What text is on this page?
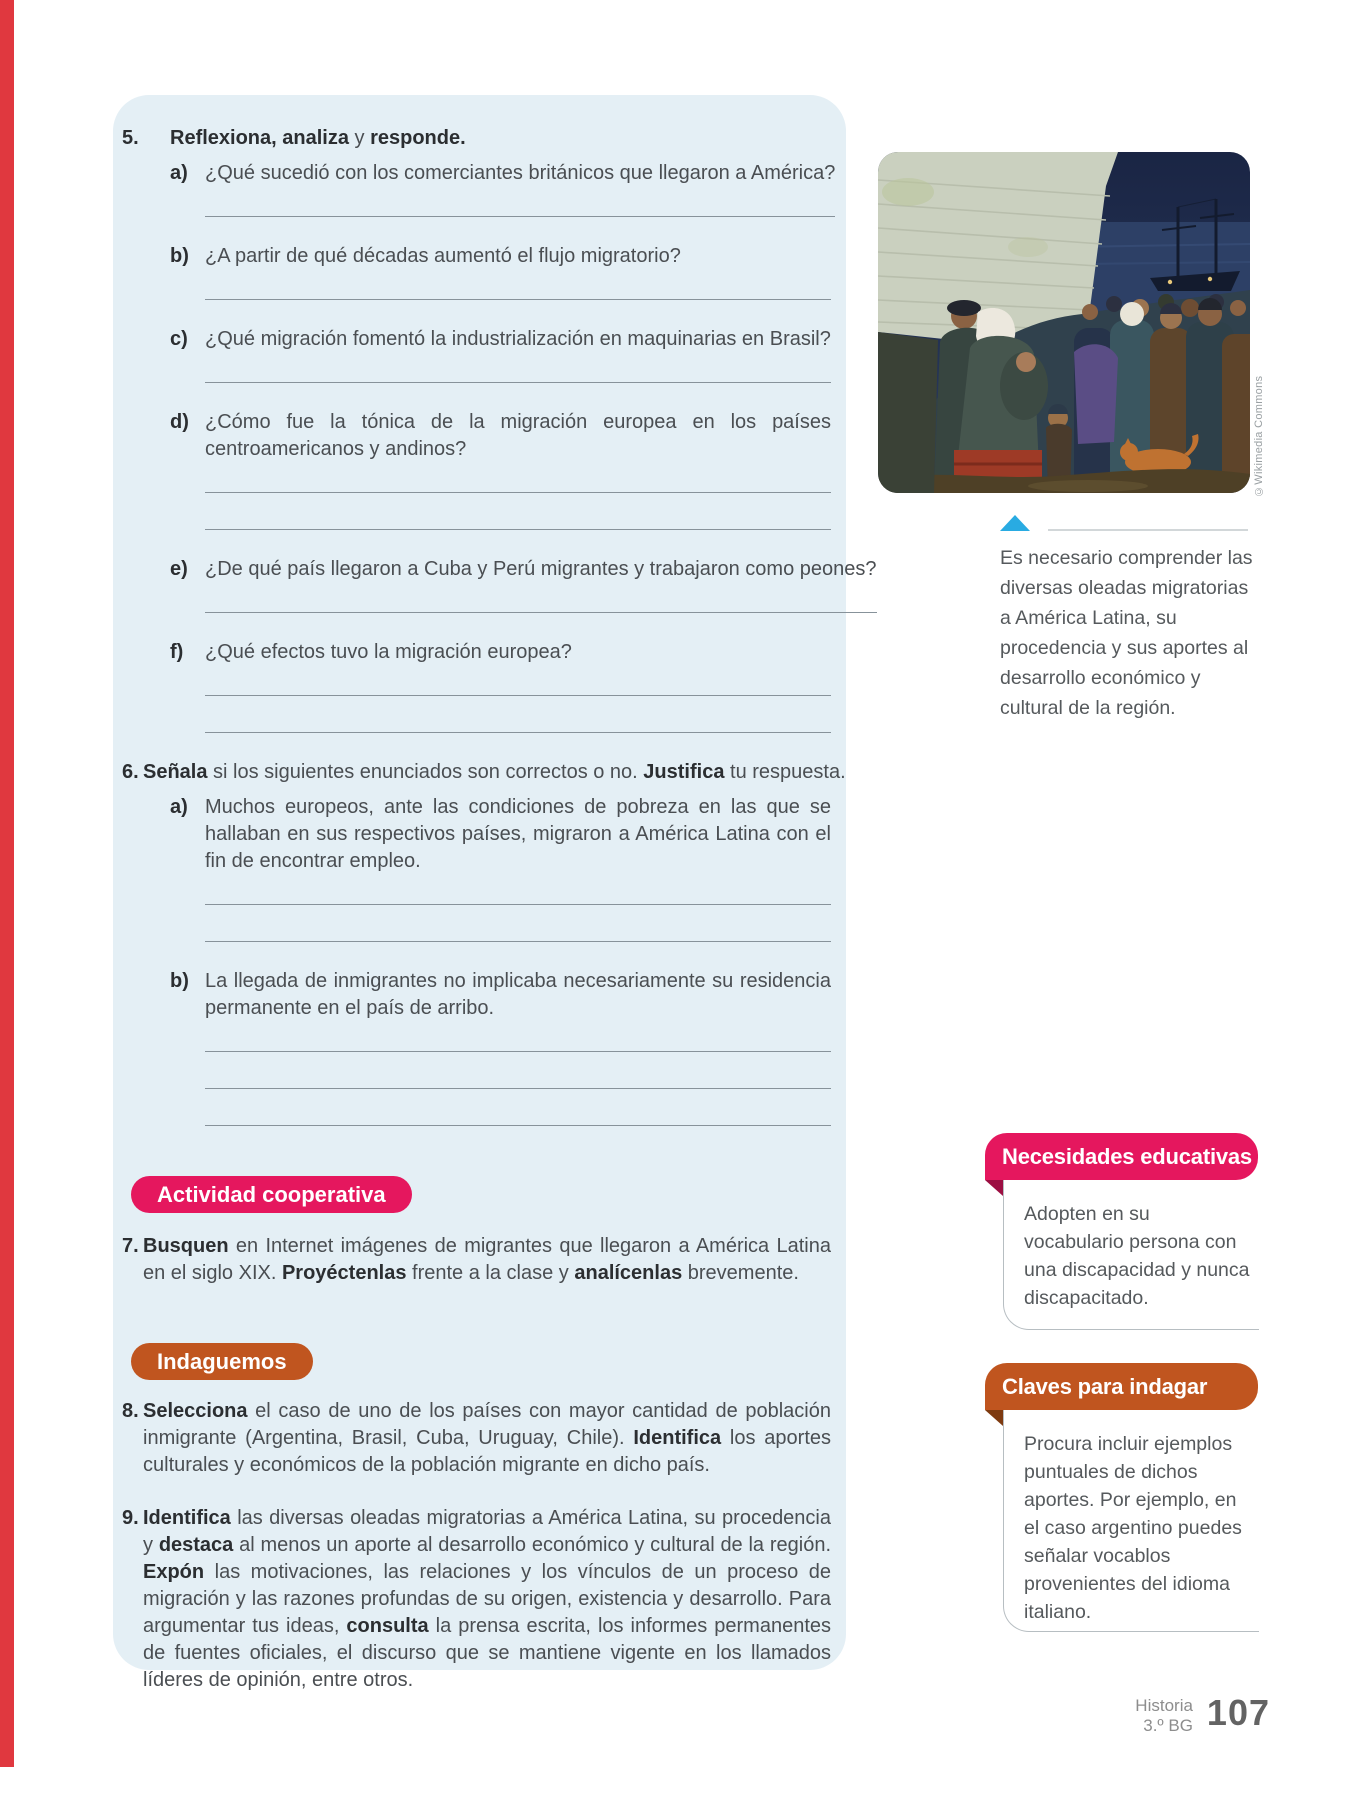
5.	Reflexiona, analiza y responde.
a) ¿Qué sucedió con los comerciantes británicos que llegaron a América?
b) ¿A partir de qué décadas aumentó el flujo migratorio?
c) ¿Qué migración fomentó la industrialización en maquinarias en Brasil?
d) ¿Cómo fue la tónica de la migración europea en los países centroamericanos y andinos?
e) ¿De qué país llegaron a Cuba y Perú migrantes y trabajaron como peones?
f)	¿Qué efectos tuvo la migración europea?
6. Señala si los siguientes enunciados son correctos o no. Justifica tu respuesta.
a) Muchos europeos, ante las condiciones de pobreza en las que se hallaban en sus respectivos países, migraron a América Latina con el fin de encontrar empleo.
b) La llegada de inmigrantes no implicaba necesariamente su residencia permanente en el país de arribo.
Actividad cooperativa
7. Busquen en Internet imágenes de migrantes que llegaron a América Latina en el siglo XIX. Proyéctenlas frente a la clase y analícenlas brevemente.
Indaguemos
8. Selecciona el caso de uno de los países con mayor cantidad de población inmigrante (Argentina, Brasil, Cuba, Uruguay, Chile). Identifica los aportes culturales y económicos de la población migrante en dicho país.
9. Identifica las diversas oleadas migratorias a América Latina, su procedencia y destaca al menos un aporte al desarrollo económico y cultural de la región. Expón las motivaciones, las relaciones y los vínculos de un proceso de migración y las razones profundas de su origen, existencia y desarrollo. Para argumentar tus ideas, consulta la prensa escrita, los informes permanentes de fuentes oficiales, el discurso que se mantiene vigente en los llamados líderes de opinión, entre otros.
©Wikimedia Commons
Es necesario comprender las diversas oleadas migratorias a América Latina, su procedencia y sus aportes al desarrollo económico y cultural de la región.
Necesidades educativas
Adopten en su vocabulario persona con una discapacidad y nunca discapacitado.
Claves para indagar
Procura incluir ejemplos puntuales de dichos aportes. Por ejemplo, en el caso argentino puedes señalar vocablos provenientes del idioma italiano.
Historia
3.º BG 107
